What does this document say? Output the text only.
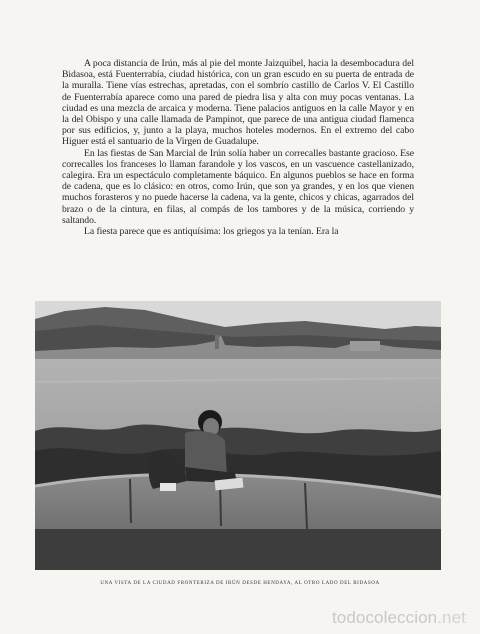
A poca distancia de Irún, más al pie del monte Jaizquibel, hacia la desembocadura del Bidasoa, está Fuenterrabía, ciudad histórica, con un gran escudo en su puerta de entrada de la muralla. Tiene vías estrechas, apretadas, con el sombrío castillo de Carlos V. El Castillo de Fuenterrabía aparece como una pared de piedra lisa y alta con muy pocas ventanas. La ciudad es una mezcla de arcaica y moderna. Tiene palacios antiguos en la calle Mayor y en la del Obispo y una calle llamada de Pampinot, que parece de una antigua ciudad flamenca por sus edificios, y, junto a la playa, muchos hoteles modernos. En el extremo del cabo Higuer está el santuario de la Virgen de Guadalupe.

En las fiestas de San Marcial de Irún solía haber un correcalles bastante gracioso. Ese correcalles los franceses lo llaman farandole y los vascos, en un vascuence castellanizado, calegira. Era un espectáculo completamente báquico. En algunos pueblos se hace en forma de cadena, que es lo clásico: en otros, como Irún, que son ya grandes, y en los que vienen muchos forasteros y no puede hacerse la cadena, va la gente, chicos y chicas, agarrados del brazo o de la cintura, en filas, al compás de los tambores y de la música, corriendo y saltando.

La fiesta parece que es antiquísima: los griegos ya la tenían. Era la

UNA VISTA DE LA CIUDAD FRONTERIZA DE IRÚN DESDE HENDAYA, AL OTRO LADO DEL BIDASOA
todocoleccion.net
